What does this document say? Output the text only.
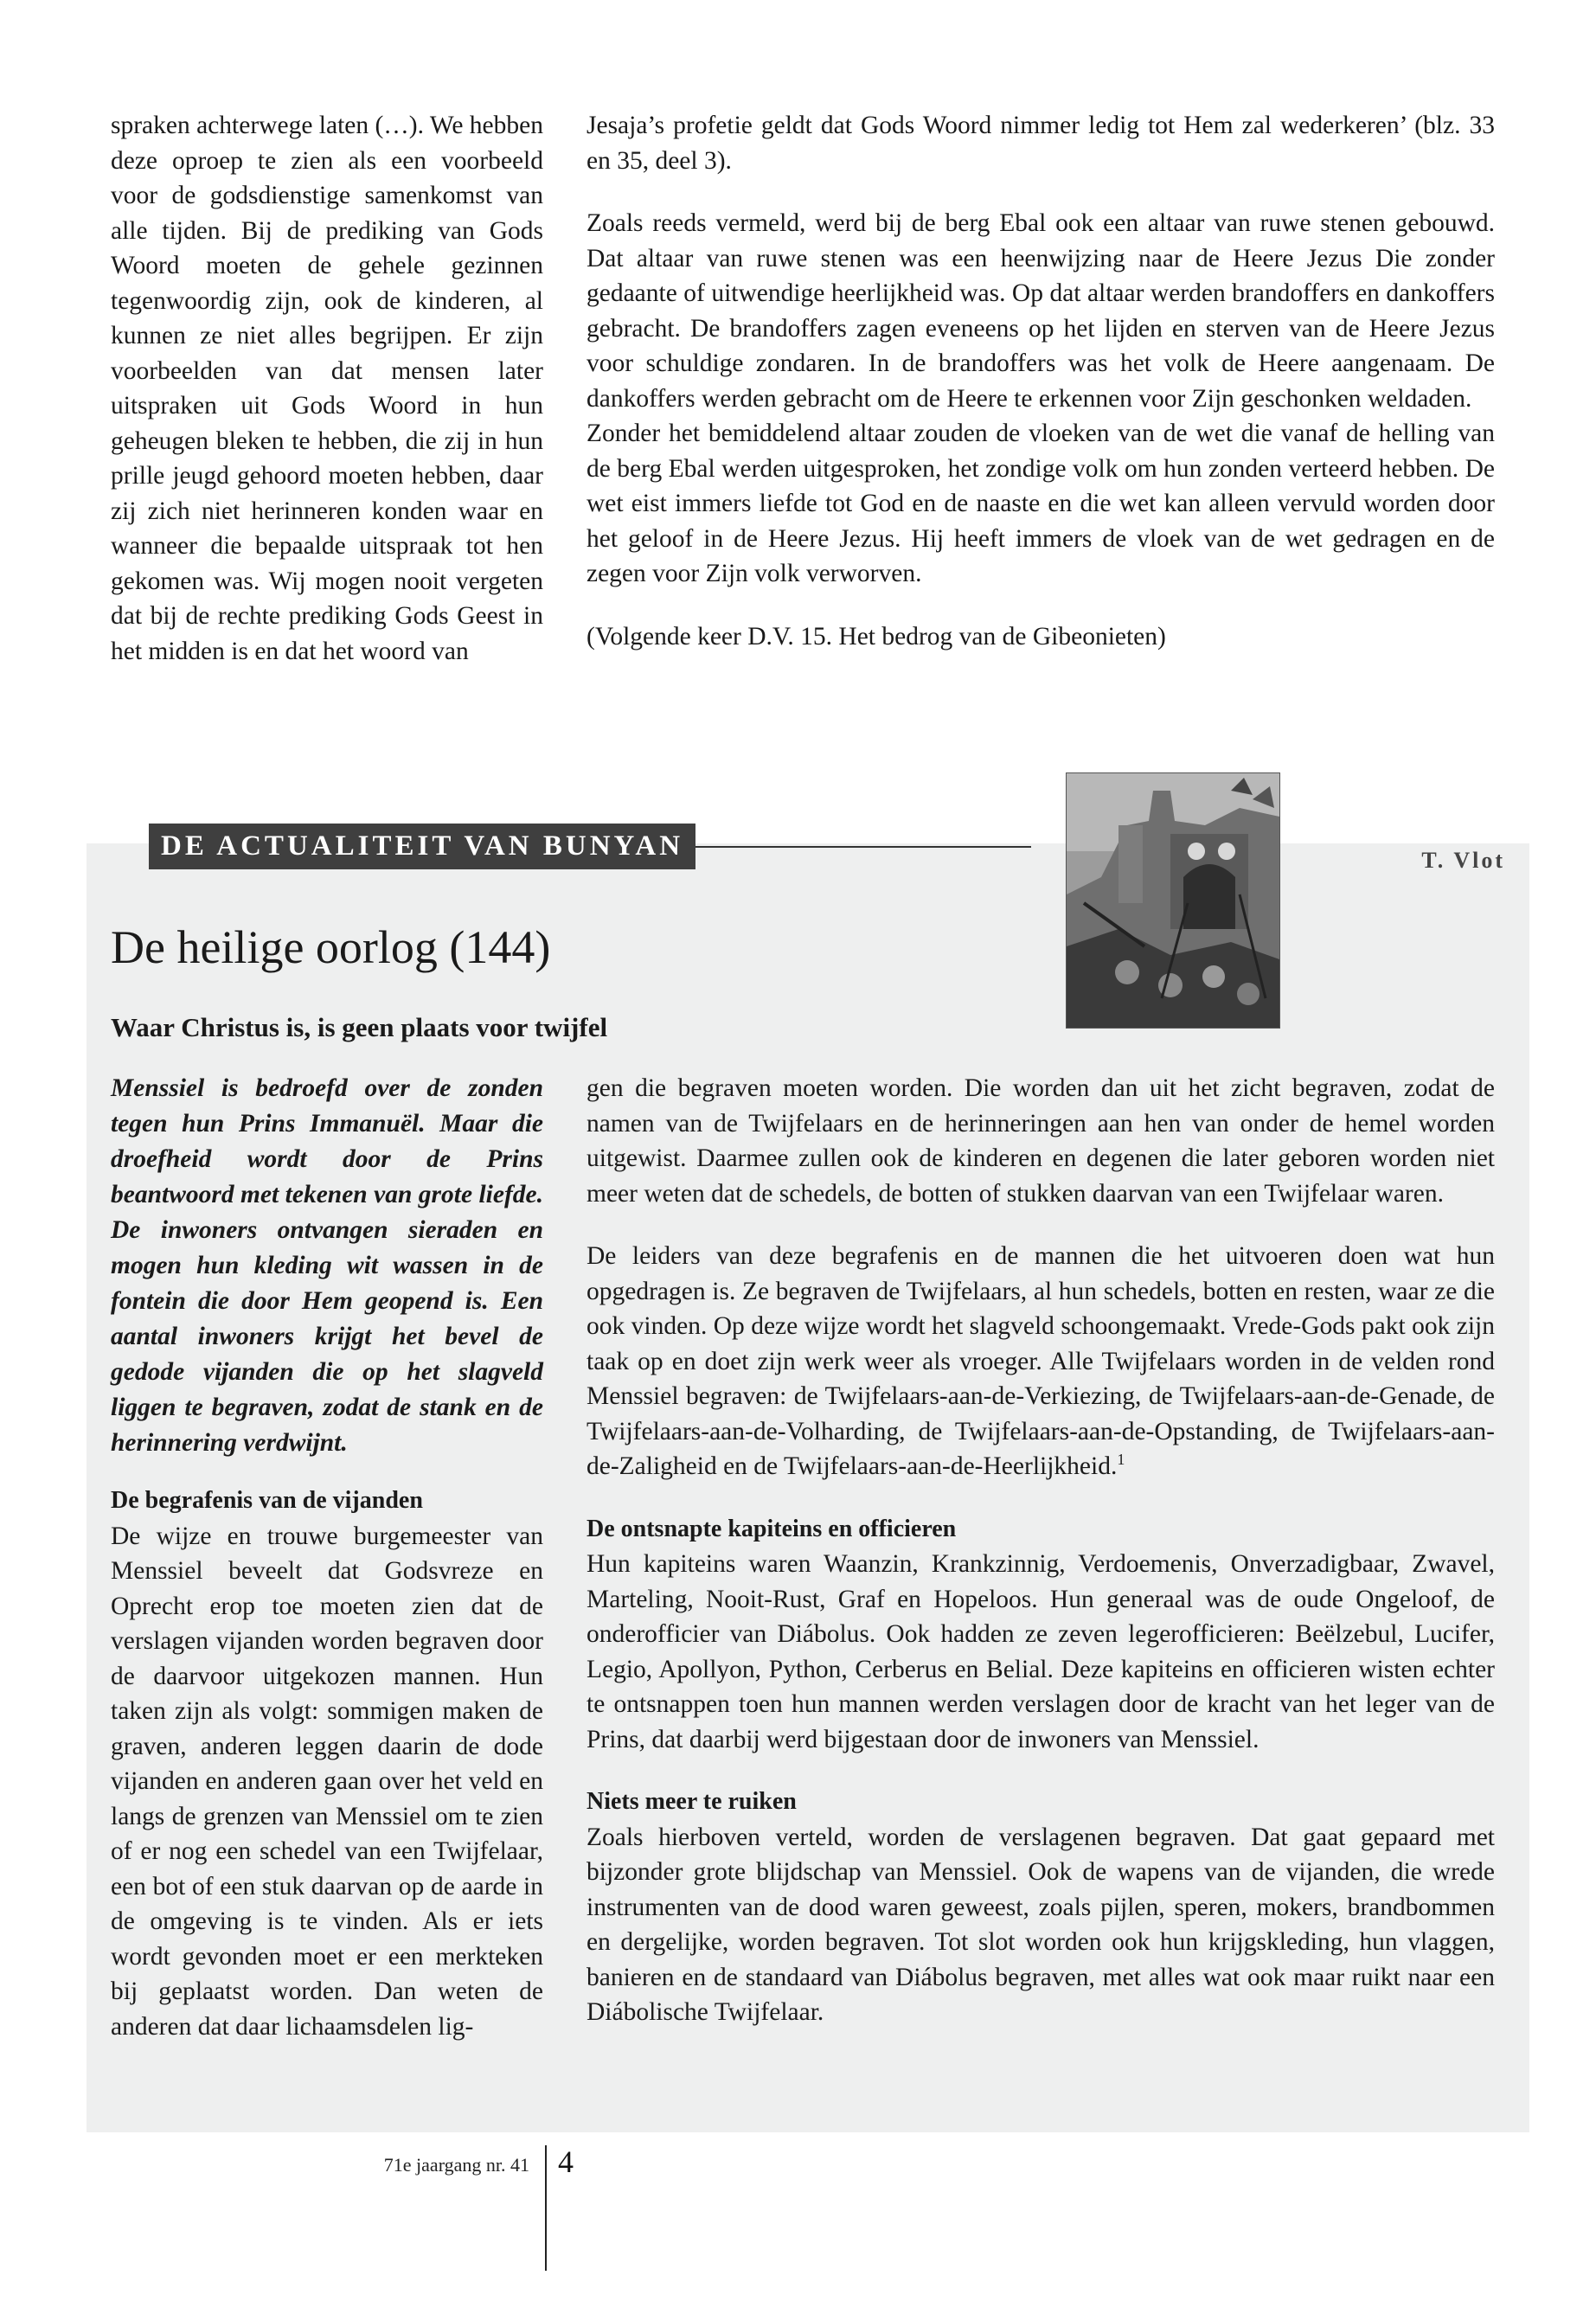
spraken achterwege laten (…). We hebben deze oproep te zien als een voorbeeld voor de godsdienstige samenkomst van alle tijden. Bij de prediking van Gods Woord moeten de gehele gezinnen tegenwoordig zijn, ook de kinderen, al kunnen ze niet alles begrijpen. Er zijn voorbeelden van dat mensen later uitspraken uit Gods Woord in hun geheugen bleken te hebben, die zij in hun prille jeugd gehoord moeten hebben, daar zij zich niet herinneren konden waar en wanneer die bepaalde uitspraak tot hen gekomen was. Wij mogen nooit vergeten dat bij de rechte prediking Gods Geest in het midden is en dat het woord van

Jesaja’s profetie geldt dat Gods Woord nimmer ledig tot Hem zal wederkeren’ (blz. 33 en 35, deel 3).

Zoals reeds vermeld, werd bij de berg Ebal ook een altaar van ruwe stenen gebouwd. Dat altaar van ruwe stenen was een heenwijzing naar de Heere Jezus Die zonder gedaante of uitwendige heerlijkheid was. Op dat altaar werden brandoffers en dankoffers gebracht. De brandoffers zagen eveneens op het lijden en sterven van de Heere Jezus voor schuldige zondaren. In de brandoffers was het volk de Heere aangenaam. De dankoffers werden gebracht om de Heere te erkennen voor Zijn geschonken weldaden.

Zonder het bemiddelend altaar zouden de vloeken van de wet die vanaf de helling van de berg Ebal werden uitgesproken, het zondige volk om hun zonden verteerd hebben. De wet eist immers liefde tot God en de naaste en die wet kan alleen vervuld worden door het geloof in de Heere Jezus. Hij heeft immers de vloek van de wet gedragen en de zegen voor Zijn volk verworven.

(Volgende keer D.V. 15. Het bedrog van de Gibeonieten)

DE ACTUALITEIT VAN BUNYAN	T. Vlot
De heilige oorlog (144)
Waar Christus is, is geen plaats voor twijfel

Menssiel is bedroefd over de zonden tegen hun Prins Immanuël. Maar die droefheid wordt door de Prins beantwoord met tekenen van grote liefde. De inwoners ontvangen sieraden en mogen hun kleding wit wassen in de fontein die door Hem geopend is. Een aantal inwoners krijgt het bevel de gedode vijanden die op het slagveld liggen te begraven, zodat de stank en de herinnering verdwijnt.

De begrafenis van de vijanden

De wijze en trouwe burgemeester van Menssiel beveelt dat Godsvreze en Oprecht erop toe moeten zien dat de verslagen vijanden worden begraven door de daarvoor uitgekozen mannen. Hun taken zijn als volgt: sommigen maken de graven, anderen leggen daarin de dode vijanden en anderen gaan over het veld en langs de grenzen van Menssiel om te zien of er nog een schedel van een Twijfelaar, een bot of een stuk daarvan op de aarde in de omgeving is te vinden. Als er iets wordt gevonden moet er een merkteken bij geplaatst worden. Dan weten de anderen dat daar lichaamsdelen lig-

gen die begraven moeten worden. Die worden dan uit het zicht begraven, zodat de namen van de Twijfelaars en de herinneringen aan hen van onder de hemel worden uitgewist. Daarmee zullen ook de kinderen en degenen die later geboren worden niet meer weten dat de schedels, de botten of stukken daarvan van een Twijfelaar waren.

De leiders van deze begrafenis en de mannen die het uitvoeren doen wat hun opgedragen is. Ze begraven de Twijfelaars, al hun schedels, botten en resten, waar ze die ook vinden. Op deze wijze wordt het slagveld schoongemaakt. Vrede-Gods pakt ook zijn taak op en doet zijn werk weer als vroeger. Alle Twijfelaars worden in de velden rond Menssiel begraven: de Twijfelaars-aan-de-Verkiezing, de Twijfelaars-aan-de-Genade, de Twijfelaars-aan-de-Volharding, de Twijfelaars-aan-de-Opstanding, de Twijfelaars-aan-de-Zaligheid en de Twijfelaars-aan-de-Heerlijkheid.$^1$

De ontsnapte kapiteins en officieren

Hun kapiteins waren Waanzin, Krankzinnig, Verdoemenis, Onverzadigbaar, Zwavel, Marteling, Nooit-Rust, Graf en Hopeloos. Hun generaal was de oude Ongeloof, de onderofficier van Diábolus. Ook hadden ze zeven legerofficieren: Beëlzebul, Lucifer, Legio, Apollyon, Python, Cerberus en Belial. Deze kapiteins en officieren wisten echter te ontsnappen toen hun mannen werden verslagen door de kracht van het leger van de Prins, dat daarbij werd bijgestaan door de inwoners van Menssiel.

Niets meer te ruiken

Zoals hierboven verteld, worden de verslagenen begraven. Dat gaat gepaard met bijzonder grote blijdschap van Menssiel. Ook de wapens van de vijanden, die wrede instrumenten van de dood waren geweest, zoals pijlen, speren, mokers, brandbommen en dergelijke, worden begraven. Tot slot worden ook hun krijgskleding, hun vlaggen, banieren en de standaard van Diábolus begraven, met alles wat ook maar ruikt naar een Diábolische Twijfelaar.

71e jaargang nr. 41 4
